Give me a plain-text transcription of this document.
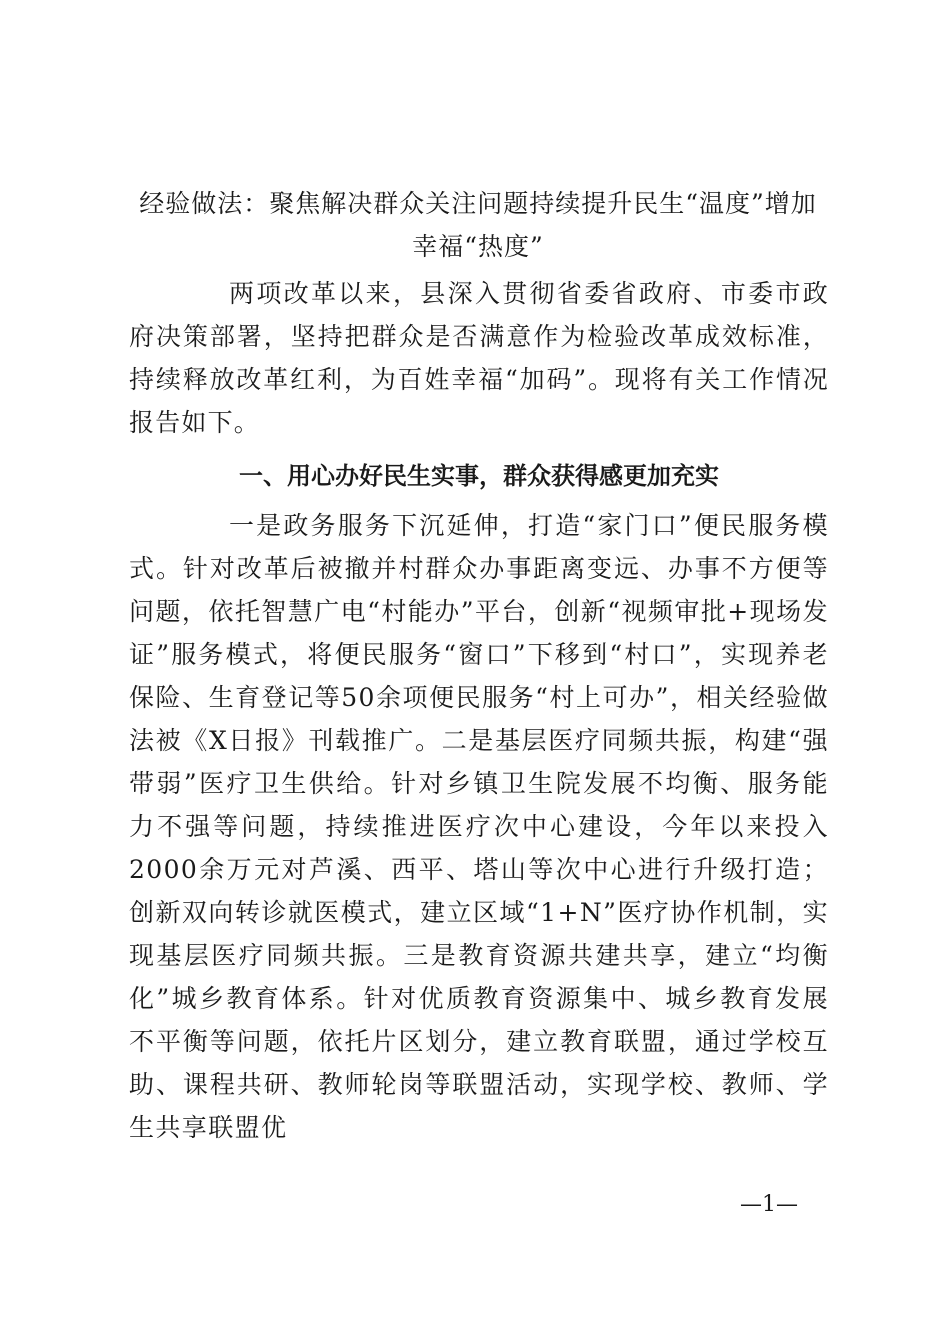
经验做法：聚焦解决群众关注问题持续提升民生“温度”增加幸福“热度”
两项改革以来，县深入贯彻省委省政府、市委市政府决策部署，坚持把群众是否满意作为检验改革成效标准，持续释放改革红利，为百姓幸福“加码”。现将有关工作情况报告如下。
一、用心办好民生实事，群众获得感更加充实
一是政务服务下沉延伸，打造“家门口”便民服务模式。针对改革后被撤并村群众办事距离变远、办事不方便等问题，依托智慧广电“村能办”平台，创新“视频审批+现场发证”服务模式，将便民服务“窗口”下移到“村口”，实现养老保险、生育登记等50余项便民服务“村上可办”，相关经验做法被《X日报》刊载推广。二是基层医疗同频共振，构建“强带弱”医疗卫生供给。针对乡镇卫生院发展不均衡、服务能力不强等问题，持续推进医疗次中心建设，今年以来投入2000余万元对芦溪、西平、塔山等次中心进行升级打造；创新双向转诊就医模式，建立区域“1+N”医疗协作机制，实现基层医疗同频共振。三是教育资源共建共享，建立“均衡化”城乡教育体系。针对优质教育资源集中、城乡教育发展不平衡等问题，依托片区划分，建立教育联盟，通过学校互助、课程共研、教师轮岗等联盟活动，实现学校、教师、学生共享联盟优
—1—
